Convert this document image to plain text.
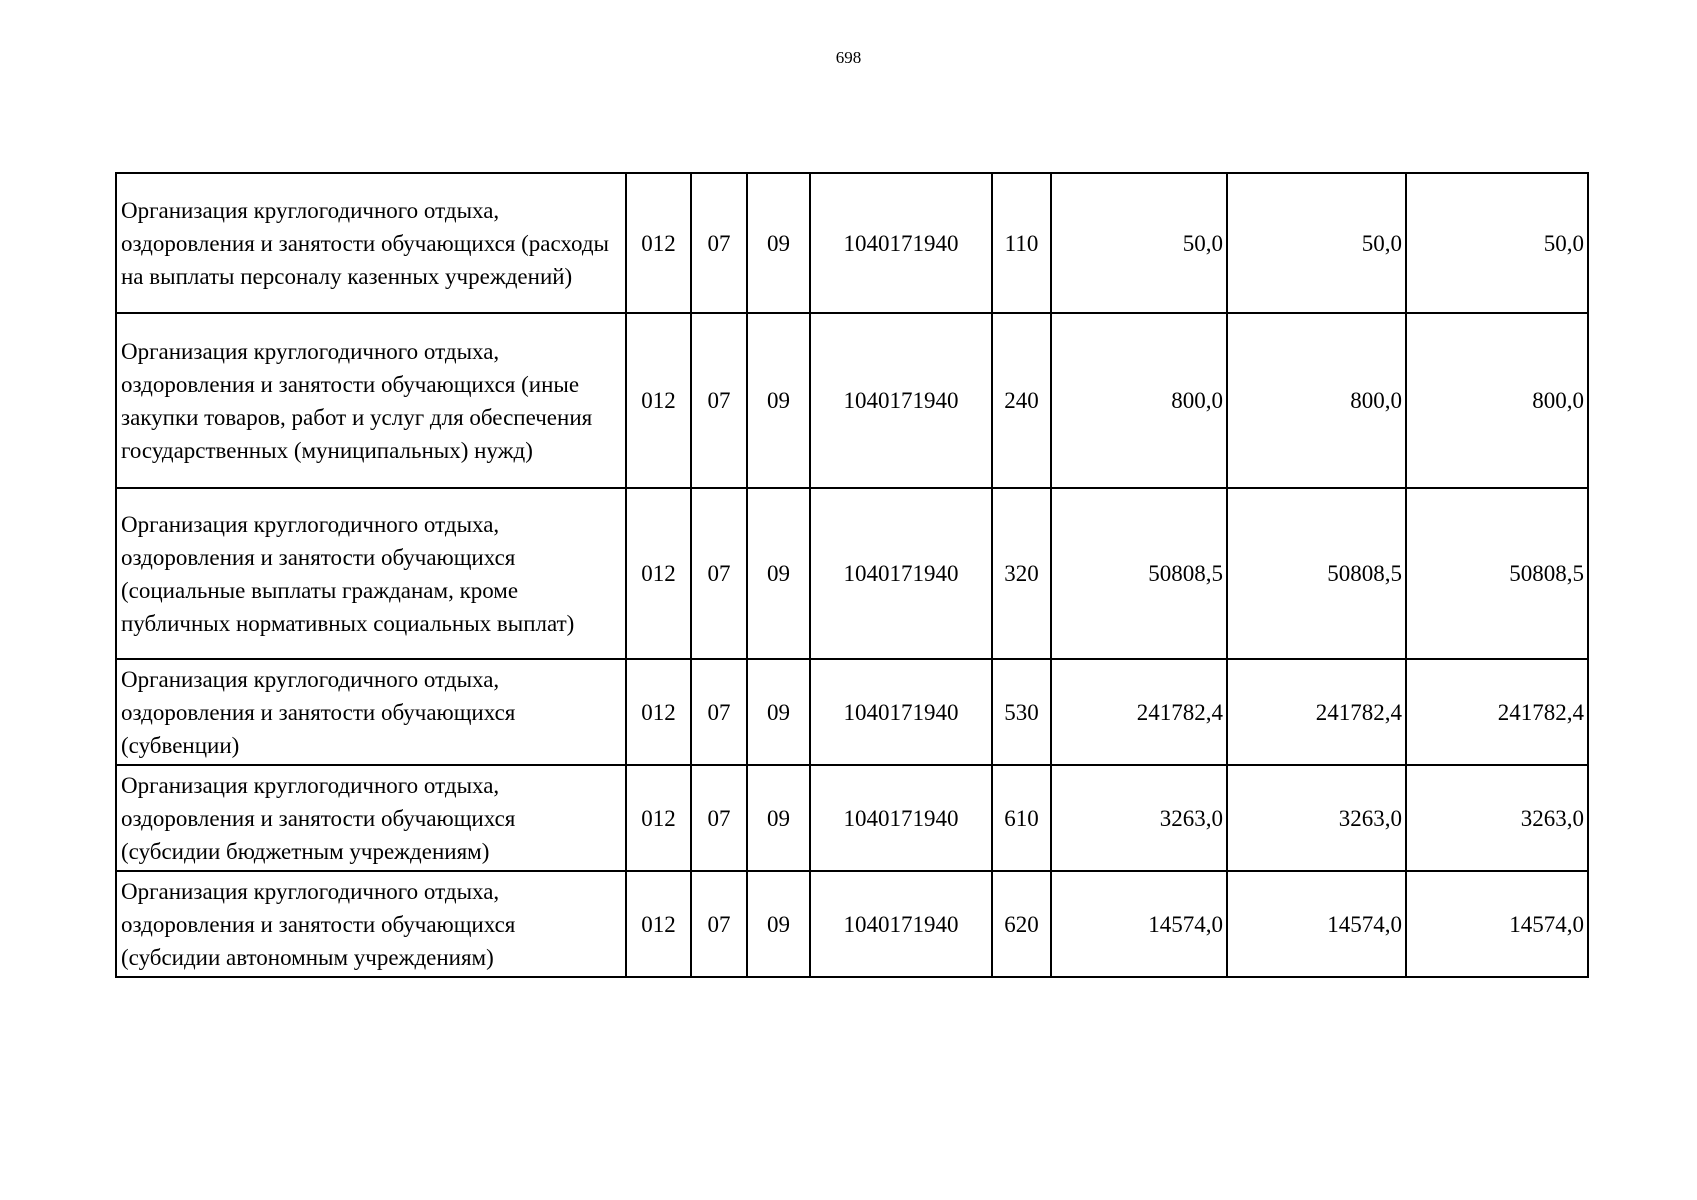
698
Организация круглогодичного отдыха, оздоровления и занятости обучающихся (расходы на выплаты персоналу казенных учреждений)	012	07	09	1040171940	110	50,0	50,0	50,0
Организация круглогодичного отдыха, оздоровления и занятости обучающихся (иные закупки товаров, работ и услуг для обеспечения государственных (муниципальных) нужд)	012	07	09	1040171940	240	800,0	800,0	800,0
Организация круглогодичного отдыха, оздоровления и занятости обучающихся (социальные выплаты гражданам, кроме публичных нормативных социальных выплат)	012	07	09	1040171940	320	50808,5	50808,5	50808,5
Организация круглогодичного отдыха, оздоровления и занятости обучающихся (субвенции)	012	07	09	1040171940	530	241782,4	241782,4	241782,4
Организация круглогодичного отдыха, оздоровления и занятости обучающихся (субсидии бюджетным учреждениям)	012	07	09	1040171940	610	3263,0	3263,0	3263,0
Организация круглогодичного отдыха, оздоровления и занятости обучающихся (субсидии автономным учреждениям)	012	07	09	1040171940	620	14574,0	14574,0	14574,0
